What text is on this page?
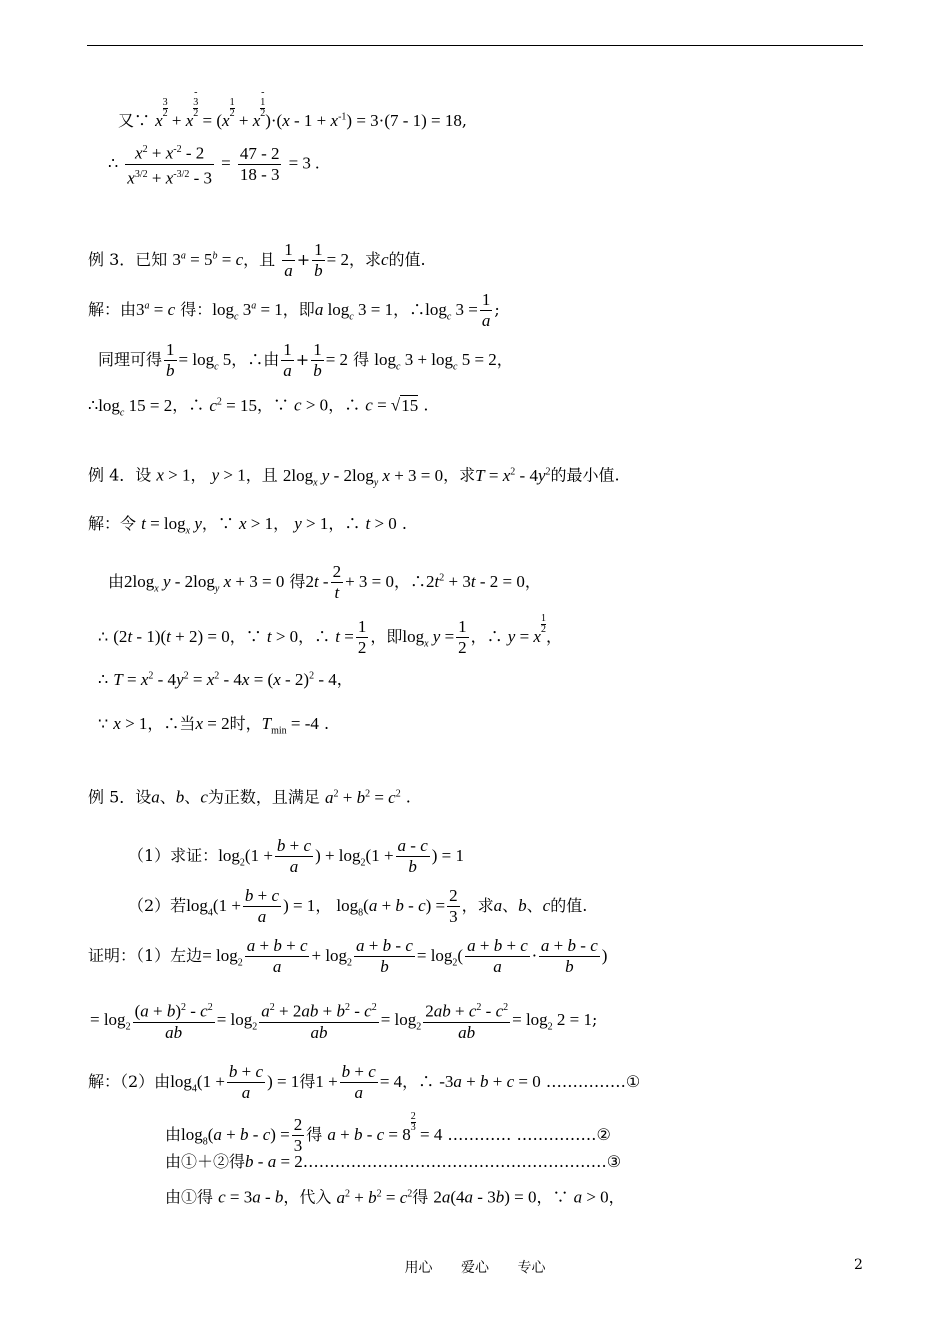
又∵ x
$\frac{3}{2}$
+ x-
3
2 = (x
$\frac{1}{2}$
+ x-
1
2 )$\cdot(x - 1 + x^{-1}) = 3\cdot(7 - 1) = 18$,
∴ $\frac{x^2 + x^{-2} - 2}{x^{3/2} + x^{-3/2} - 3} = \frac{47 - 2}{18 - 3} = 3$ .
例 3．已知 $3^a = 5^b = c$，且 $\frac{1}{a} + \frac{1}{b} = 2$，求c的值.
解：由$3^a = c$ 得：$\log_c 3^a = 1$，即a $\log_c 3 = 1$，$\therefore\log_c$ $3 = \frac{1}{a}$ ;
同理可得 $\frac{1}{b} = \log_c 5$，∴由 $\frac{1}{a} + \frac{1}{b} = 2$ 得 $\log_c 3 + \log_c 5 = 2$，
$\therefore\log_c$ 15 = 2，∴ $c^2 = 15$，∵ c > 0，∴ c = √15 .
例 4．设 x > 1， y > 1，且 $2\log_x$ y - $2\log_y$ x + 3 = 0，求$T = x^2 - 4y^2$的最小值.
解：令 $t = \log_x y$，∵ x > 1， y > 1，∴ t > 0 .
由$2\log_x$ y - $2\log_y$ x + 3 = 0 得$2t - \frac{2}{t} + 3 = 0$，$\therefore 2t^2 + 3t - 2 = 0$，
∴ (2t - 1)(t + 2) = 0，∵ t > 0，∴ $t = \frac{1}{2}$ ，即$\log_x y = \frac{1}{2}$ ，∴ y = x
$\frac{1}{2}$
，
∴ $T = x^2 - 4y^2 = x^2 - 4x = (x - 2)^2 - 4$，
∵ x > 1，∴当x = 2时，$T_{min} = -4$ .
例 5．设a、b、c为正数，且满足 $a^2 + b^2 = c^2$ .
（1）求证：$\log_2(1 + \frac{b + c}{a}$ ) + $\log_2(1 + \frac{a - c}{b}$ ) = 1
（2）若$\log_4(1 + \frac{b + c}{a}$ ) = 1， $\log_8(a + b - c) = \frac{2}{3}$ ，求a、b、c的值.
证明：（1）左边= $\log_2 \frac{a + b + c}{a} + \log_2 \frac{a + b - c}{b} = \log_2( \frac{a + b + c}{a} \cdot \frac{a + b - c}{b}$ )
= $\log_2 \frac{(a + b)^2 - c^2}{ab} = \log_2 \frac{a^2 + 2ab + b^2 - c^2}{ab} = \log_2 \frac{2ab + c^2 - c^2}{ab} = \log_2 2 = 1$;
解：（2）由$\log_4(1 + \frac{b + c}{a}$ ) = 1得$1 + \frac{b + c}{a} = 4$，∴ -3a + b + c = 0 ……………①
由$\log_8(a + b - c) = \frac{2}{3}$ 得 a + b - c = 8
$\frac{2}{3}$
= 4 ………… ……………②
由①＋②得b - a = 2…………………………………………………③
由①得 c = 3a - b，代入 $a^2 + b^2 = c^2$得 2a(4a - 3b) = 0，∵ a > 0，
用心 爱心 专心	2
